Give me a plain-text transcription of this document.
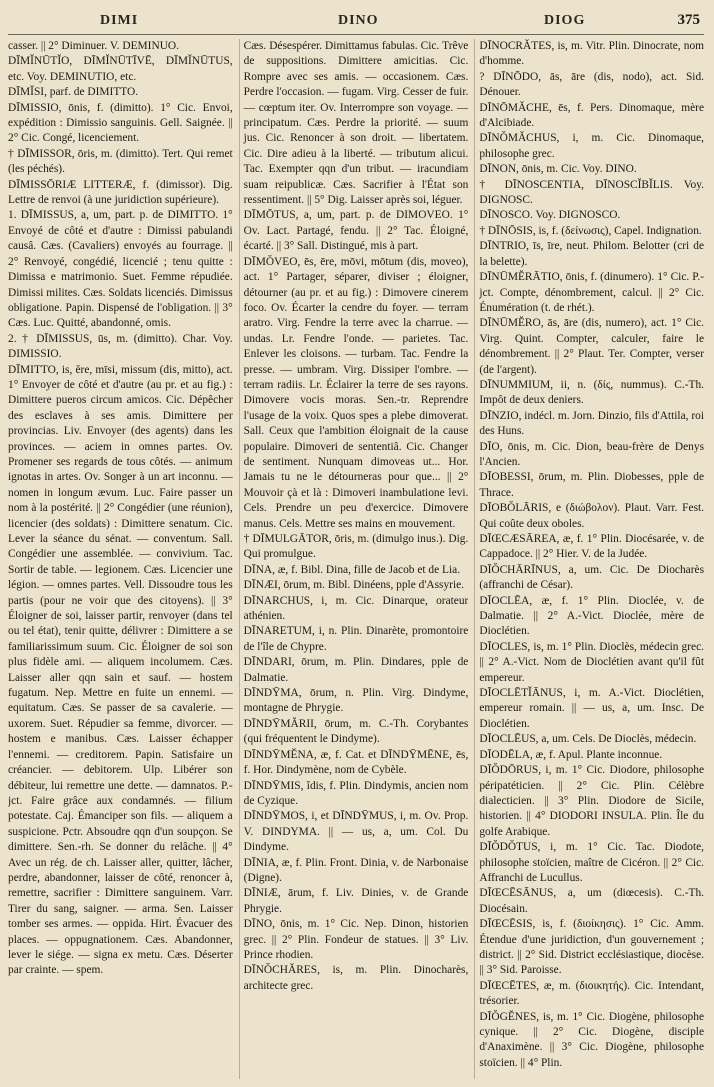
DIMI	DINO	DIOG	375

casser. || 2° Diminuer. V. DEMINUO.

DĪMĬNŪTĬO, DĪMĬNŪTĪVĒ, DĪMĬNŪTUS, etc. Voy. DEMINUTIO, etc.

DĪMĬSI, parf. de DIMITTO.

DĪMISSIO, ōnis, f. (dimitto). 1° Cic. Envoi, expédition : Dimissio sanguinis. Gell. Saignée. || 2° Cic. Congé, licenciement.

† DĪMISSOR, ōris, m. (dimitto). Tert. Qui remet (les péchés).

DĪMISSŌRIÆ LITTERÆ, f. (dimissor). Dig. Lettre de renvoi (à une juridiction supérieure).

1. DĪMISSUS, a, um, part. p. de DIMITTO. 1° Envoyé de côté et d'autre : Dimissi pabulandi causâ. Cæs. (Cavaliers) envoyés au fourrage. || 2° Renvoyé, congédié, licencié ; tenu quitte : Dimissa e matrimonio. Suet. Femme répudiée. Dimissi milites. Cæs. Soldats licenciés. Dimissus obligatione. Papin. Dispensé de l'obligation. || 3° Cæs. Luc. Quitté, abandonné, omis.

2. † DĪMISSUS, ūs, m. (dimitto). Char. Voy. DIMISSIO.

DĪMITTO, is, ĕre, mīsi, missum (dis, mitto), act. 1° Envoyer de côté et d'autre (au pr. et au fig.) : Dimittere pueros circum amicos. Cic. Dépêcher des esclaves à ses amis. Dimittere per provincias. Liv. Envoyer (des agents) dans les provinces. — aciem in omnes partes. Ov. Promener ses regards de tous côtés. — animum ignotas in artes. Ov. Songer à un art inconnu. — nomen in longum ævum. Luc. Faire passer un nom à la postérité. || 2° Congédier (une réunion), licencier (des soldats) : Dimittere senatum. Cic. Lever la séance du sénat. — conventum. Sall. Congédier une assemblée. — convivium. Tac. Sortir de table. — legionem. Cæs. Licencier une légion. — omnes partes. Vell. Dissoudre tous les partis (pour ne voir que des citoyens). || 3° Éloigner de soi, laisser partir, renvoyer (dans tel ou tel état), tenir quitte, délivrer : Dimittere a se familiarissimum suum. Cic. Éloigner de soi son plus fidèle ami. — aliquem incolumem. Cæs. Laisser aller qqn sain et sauf. — hostem fugatum. Nep. Mettre en fuite un ennemi. — equitatum. Cæs. Se passer de sa cavalerie. — uxorem. Suet. Répudier sa femme, divorcer. — hostem e manibus. Cæs. Laisser échapper l'ennemi. — creditorem. Papin. Satisfaire un créancier. — debitorem. Ulp. Libérer son débiteur, lui remettre une dette. — damnatos. P.-jct. Faire grâce aux condamnés. — filium potestate. Caj. Émanciper son fils. — aliquem a suspicione. Pctr. Absoudre qqn d'un soupçon. Se dimittere. Sen.-rh. Se donner du relâche. || 4° Avec un rég. de ch. Laisser aller, quitter, lâcher, perdre, abandonner, laisser de côté, renoncer à, remettre, sacrifier : Dimittere sanguinem. Varr. Tirer du sang, saigner. — arma. Sen. Laisser tomber ses armes. — oppida. Hirt. Évacuer des places. — oppugnationem. Cæs. Abandonner, lever le siége. — signa ex metu. Cæs. Déserter par crainte. — spem.

Cæs. Désespérer. Dimittamus fabulas. Cic. Trêve de suppositions. Dimittere amicitias. Cic. Rompre avec ses amis. — occasionem. Cæs. Perdre l'occasion. — fugam. Virg. Cesser de fuir. — cœptum iter. Ov. Interrompre son voyage. — principatum. Cæs. Perdre la priorité. — suum jus. Cic. Renoncer à son droit. — libertatem. Cic. Dire adieu à la liberté. — tributum alicui. Tac. Exempter qqn d'un tribut. — iracundiam suam reipublicæ. Cæs. Sacrifier à l'État son ressentiment. || 5° Dig. Laisser après soi, léguer.

DĪMŌTUS, a, um, part. p. de DIMOVEO. 1° Ov. Lact. Partagé, fendu. || 2° Tac. Éloigné, écarté. || 3° Sall. Distingué, mis à part.

DĪMŎVEO, ēs, ēre, mōvi, mōtum (dis, moveo), act. 1° Partager, séparer, diviser ; éloigner, détourner (au pr. et au fig.) : Dimovere cinerem foco. Ov. Écarter la cendre du foyer. — terram aratro. Virg. Fendre la terre avec la charrue. — undas. Lr. Fendre l'onde. — parietes. Tac. Enlever les cloisons. — turbam. Tac. Fendre la presse. — umbram. Virg. Dissiper l'ombre. — terram radiis. Lr. Éclairer la terre de ses rayons. Dimovere vocis moras. Sen.-tr. Reprendre l'usage de la voix. Quos spes a plebe dimoverat. Sall. Ceux que l'ambition éloignait de la cause populaire. Dimoveri de sententiâ. Cic. Changer de sentiment. Nunquam dimoveas ut... Hor. Jamais tu ne le détourneras pour que... || 2° Mouvoir çà et là : Dimoveri inambulatione levi. Cels. Prendre un peu d'exercice. Dimovere manus. Cels. Mettre ses mains en mouvement.

† DĪMULGĀTOR, ōris, m. (dimulgo inus.). Dig. Qui promulgue.

DĪNA, æ, f. Bibl. Dina, fille de Jacob et de Lia.

DĪNÆI, ōrum, m. Bibl. Dinéens, pple d'Assyrie.

DĪNARCHUS, i, m. Cic. Dinarque, orateur athénien.

DĪNARETUM, i, n. Plin. Dinarète, promontoire de l'île de Chypre.

DĪNDARI, ōrum, m. Plin. Dindares, pple de Dalmatie.

DĪNDȲMA, ōrum, n. Plin. Virg. Dindyme, montagne de Phrygie.

DĪNDȲMĂRII, ōrum, m. C.-Th. Corybantes (qui fréquentent le Dindyme).

DĪNDȲMĔNA, æ, f. Cat. et DĪNDȲMĒNE, ēs, f. Hor. Dindymène, nom de Cybèle.

DĪNDȲMIS, ĭdis, f. Plin. Dindymis, ancien nom de Cyzique.

DĪNDȲMOS, i, et DĪNDȲMUS, i, m. Ov. Prop. V. DINDYMA. || — us, a, um. Col. Du Dindyme.

DĪNIA, æ, f. Plin. Front. Dinia, v. de Narbonaise (Digne).

DĪNIÆ, ārum, f. Liv. Dinies, v. de Grande Phrygie.

DĪNO, ōnis, m. 1° Cic. Nep. Dinon, historien grec. || 2° Plin. Fondeur de statues. || 3° Liv. Prince rhodien.

DĪNŎCHĂRES, is, m. Plin. Dinocharès, architecte grec.

DĪNOCRĂTES, is, m. Vitr. Plin. Dinocrate, nom d'homme.

? DĪNŌDO, ās, āre (dis, nodo), act. Sid. Dénouer.

DĪNŌMĂCHE, ēs, f. Pers. Dinomaque, mère d'Alcibiade.

DĪNŎMĂCHUS, i, m. Cic. Dinomaque, philosophe grec.

DĪNON, ōnis, m. Cic. Voy. DINO.

† DĪNOSCENTIA, DĪNOSCĬBĬLIS. Voy. DIGNOSC.

DĪNOSCO. Voy. DIGNOSCO.

† DĪNŌSIS, is, f. (δείνωσις), Capel. Indignation.

DĪNTRIO, īs, īre, neut. Philom. Belotter (cri de la belette).

DĪNŪMĔRĀTIO, ōnis, f. (dinumero). 1° Cic. P.-jct. Compte, dénombrement, calcul. || 2° Cic. Énumération (t. de rhét.).

DĪNŪMĔRO, ās, āre (dis, numero), act. 1° Cic. Virg. Quint. Compter, calculer, faire le dénombrement. || 2° Plaut. Ter. Compter, verser (de l'argent).

DĪNUMMIUM, ii, n. (δίς, nummus). C.-Th. Impôt de deux deniers.

DĪNZIO, indécl. m. Jorn. Dinzio, fils d'Attila, roi des Huns.

DĪO, ōnis, m. Cic. Dion, beau-frère de Denys l'Ancien.

DĪOBESSI, ōrum, m. Plin. Diobesses, pple de Thrace.

DĪOBŎLĀRIS, e (διώβολον). Plaut. Varr. Fest. Qui coûte deux oboles.

DĪŒCÆSĀREA, æ, f. 1° Plin. Diocésarée, v. de Cappadoce. || 2° Hier. V. de la Judée.

DĪŎCHĀRĪNUS, a, um. Cic. De Diocharès (affranchi de César).

DĪOCLĒA, æ, f. 1° Plin. Dioclée, v. de Dalmatie. || 2° A.-Vict. Dioclée, mère de Dioclétien.

DĪOCLES, is, m. 1° Plin. Dioclès, médecin grec. || 2° A.-Vict. Nom de Dioclétien avant qu'il fût empereur.

DĪOCLĒTĬĀNUS, i, m. A.-Vict. Dioclétien, empereur romain. || — us, a, um. Insc. De Dioclétien.

DĪOCLĒUS, a, um. Cels. De Dioclès, médecin.

DĪODĒLA, æ, f. Apul. Plante inconnue.

DĪŎDŌRUS, i, m. 1° Cic. Diodore, philosophe péripatéticien. || 2° Cic. Plin. Célèbre dialecticien. || 3° Plin. Diodore de Sicile, historien. || 4° DIODORI INSULA. Plin. Île du golfe Arabique.

DĪŎDŎTUS, i, m. 1° Cic. Tac. Diodote, philosophe stoïcien, maître de Cicéron. || 2° Cic. Affranchi de Lucullus.

DĪŒCĒSĀNUS, a, um (diœcesis). C.-Th. Diocésain.

DĪŒCĒSIS, is, f. (διοίκησις). 1° Cic. Amm. Étendue d'une juridiction, d'un gouvernement ; district. || 2° Sid. District ecclésiastique, diocèse. || 3° Sid. Paroisse.

DĪŒCĒTES, æ, m. (διοικητής). Cic. Intendant, trésorier.

DĪŎGĔNES, is, m. 1° Cic. Diogène, philosophe cynique. || 2° Cic. Diogène, disciple d'Anaximène. || 3° Cic. Diogène, philosophe stoïcien. || 4° Plin.
